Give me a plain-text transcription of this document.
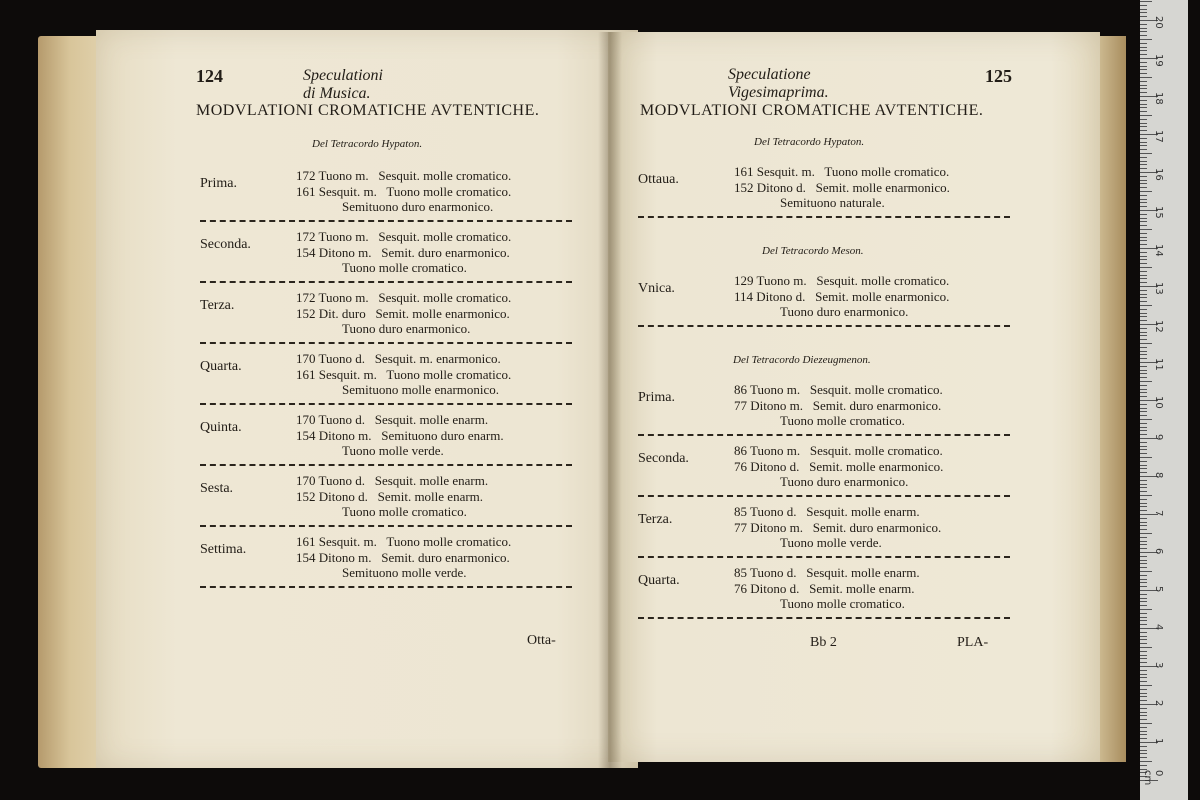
124	Speculationi di Musica.
MODVLATIONI CROMATICHE AVTENTICHE.
Del Tetracordo Hypaton.
Prima.
172 Tuono m.   Sesquit. molle cromatico.
161 Sesquit. m.   Tuono molle cromatico.
Semituono duro enarmonico.
Seconda.
172 Tuono m.   Sesquit. molle cromatico.
154 Ditono m.   Semit. duro enarmonico.
Tuono molle cromatico.
Terza.
172 Tuono m.   Sesquit. molle cromatico.
152 Dit. duro   Semit. molle enarmonico.
Tuono duro enarmonico.
Quarta.
170 Tuono d.   Sesquit. m. enarmonico.
161 Sesquit. m.   Tuono molle cromatico.
Semituono molle enarmonico.
Quinta.
170 Tuono d.   Sesquit. molle enarm.
154 Ditono m.   Semituono duro enarm.
Tuono molle verde.
Sesta.
170 Tuono d.   Sesquit. molle enarm.
152 Ditono d.   Semit. molle enarm.
Tuono molle cromatico.
Settima.
161 Sesquit. m.   Tuono molle cromatico.
154 Ditono m.   Semit. duro enarmonico.
Semituono molle verde.
Otta-
Speculatione Vigesimaprima.
125
MODVLATIONI CROMATICHE AVTENTICHE.
Del Tetracordo Hypaton.
Ottaua.
161 Sesquit. m.   Tuono molle cromatico.
152 Ditono d.   Semit. molle enarmonico.
Semituono naturale.
Del Tetracordo Meson.
Vnica.
129 Tuono m.   Sesquit. molle cromatico.
114 Ditono d.   Semit. molle enarmonico.
Tuono duro enarmonico.
Del Tetracordo Diezeugmenon.
Prima.
86 Tuono m.   Sesquit. molle cromatico.
77 Ditono m.   Semit. duro enarmonico.
Tuono molle cromatico.
Seconda.
86 Tuono m.   Sesquit. molle cromatico.
76 Ditono d.   Semit. molle enarmonico.
Tuono duro enarmonico.
Terza.
85 Tuono d.   Sesquit. molle enarm.
77 Ditono m.   Semit. duro enarmonico.
Tuono molle verde.
Quarta.
85 Tuono d.   Sesquit. molle enarm.
76 Ditono d.   Semit. molle enarm.
Tuono molle cromatico.
Bb 2	PLA-
1
2
3
4
5
6
7
8
9
10
11
12
13
14
15
16
17
18
19
20
0 cm
